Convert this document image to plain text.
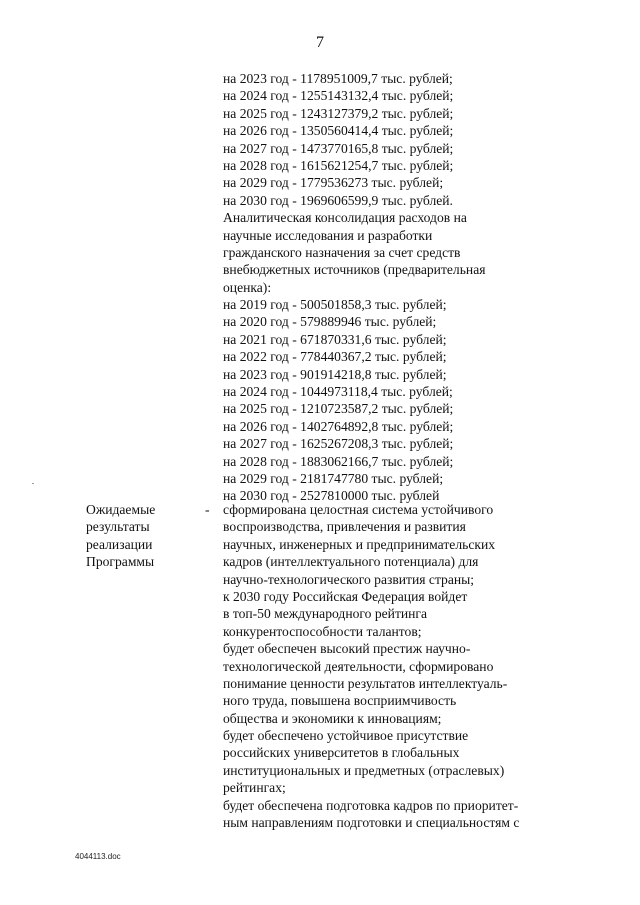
7
на 2023 год - 1178951009,7 тыс. рублей;
на 2024 год - 1255143132,4 тыс. рублей;
на 2025 год - 1243127379,2 тыс. рублей;
на 2026 год - 1350560414,4 тыс. рублей;
на 2027 год - 1473770165,8 тыс. рублей;
на 2028 год - 1615621254,7 тыс. рублей;
на 2029 год - 1779536273 тыс. рублей;
на 2030 год - 1969606599,9 тыс. рублей.
Аналитическая консолидация расходов на
научные исследования и разработки
гражданского назначения за счет средств
внебюджетных источников (предварительная
оценка):
на 2019 год - 500501858,3 тыс. рублей;
на 2020 год - 579889946 тыс. рублей;
на 2021 год - 671870331,6 тыс. рублей;
на 2022 год - 778440367,2 тыс. рублей;
на 2023 год - 901914218,8 тыс. рублей;
на 2024 год - 1044973118,4 тыс. рублей;
на 2025 год - 1210723587,2 тыс. рублей;
на 2026 год - 1402764892,8 тыс. рублей;
на 2027 год - 1625267208,3 тыс. рублей;
на 2028 год - 1883062166,7 тыс. рублей;
на 2029 год - 2181747780 тыс. рублей;
на 2030 год - 2527810000 тыс. рублей
Ожидаемые
результаты
реализации
Программы
- сформирована целостная система устойчивого
воспроизводства, привлечения и развития
научных, инженерных и предпринимательских
кадров (интеллектуального потенциала) для
научно-технологического развития страны;
к 2030 году Российская Федерация войдет
в топ-50 международного рейтинга
конкурентоспособности талантов;
будет обеспечен высокий престиж научно-
технологической деятельности, сформировано
понимание ценности результатов интеллектуаль-
ного труда, повышена восприимчивость
общества и экономики к инновациям;
будет обеспечено устойчивое присутствие
российских университетов в глобальных
институциональных и предметных (отраслевых)
рейтингах;
будет обеспечена подготовка кадров по приоритет-
ным направлениям подготовки и специальностям с
4044113.doc
